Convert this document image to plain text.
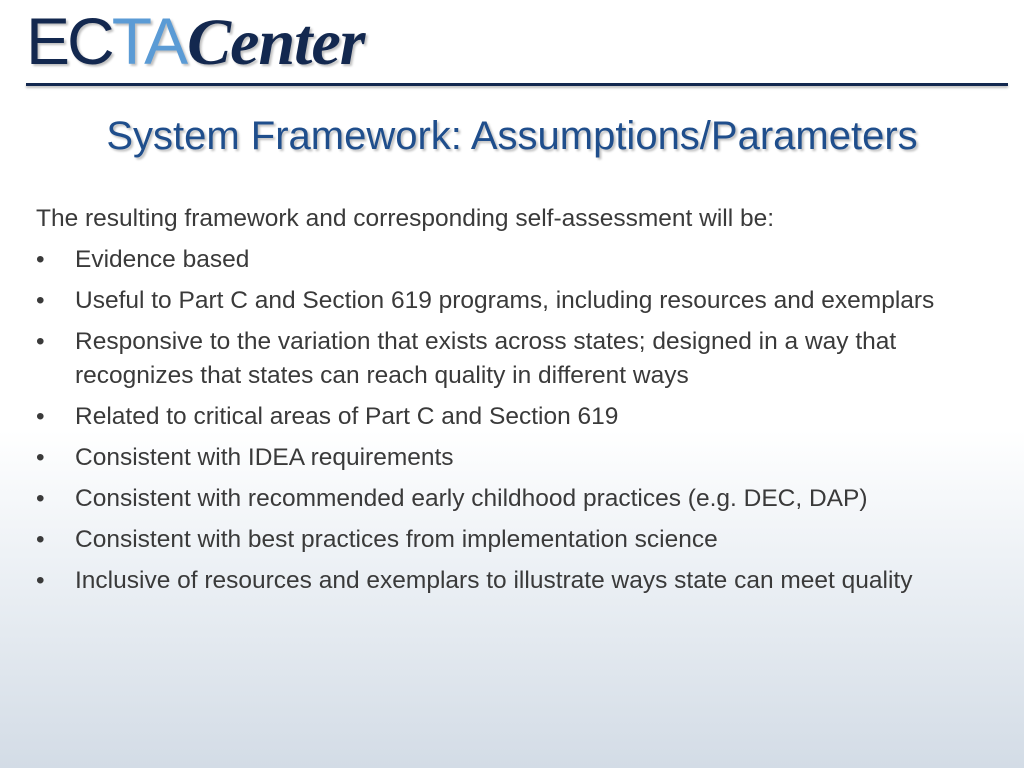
ECTACenter
System Framework: Assumptions/Parameters

The resulting framework and corresponding self-assessment will be:

• Evidence based
• Useful to Part C and Section 619 programs, including resources and exemplars
• Responsive to the variation that exists across states; designed in a way that recognizes that states can reach quality in different ways
• Related to critical areas of Part C and Section 619
• Consistent with IDEA requirements
• Consistent with recommended early childhood practices (e.g. DEC, DAP)
• Consistent with best practices from implementation science
• Inclusive of resources and exemplars to illustrate ways state can meet quality
